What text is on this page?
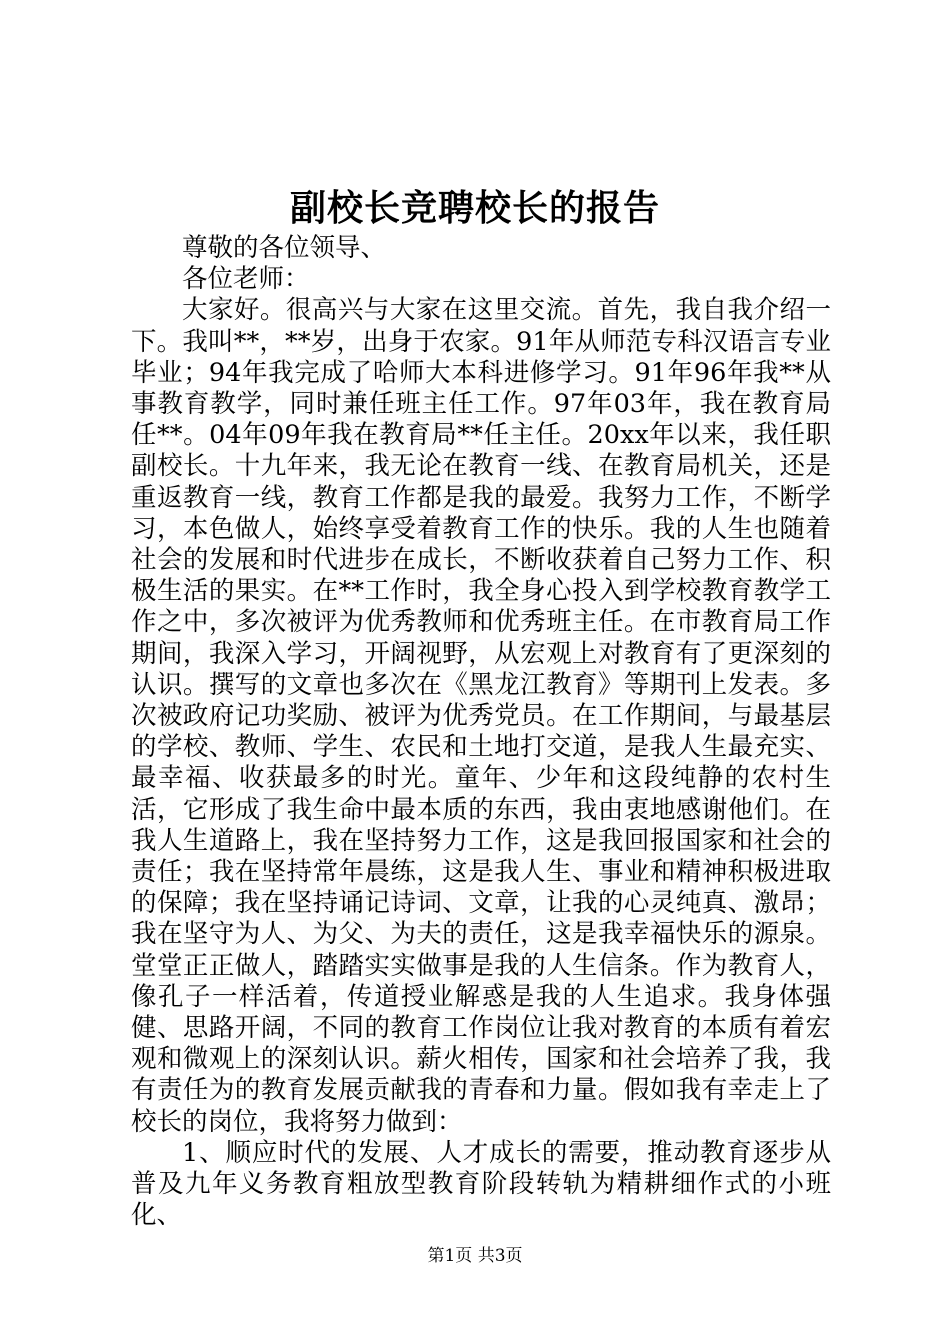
副校长竞聘校长的报告

尊敬的各位领导、

各位老师：

大家好。很高兴与大家在这里交流。首先，我自我介绍一下。我叫**，**岁，出身于农家。91年从师范专科汉语言专业毕业；94年我完成了哈师大本科进修学习。91年96年我**从事教育教学，同时兼任班主任工作。97年03年，我在教育局任**。04年09年我在教育局**任主任。20xx年以来，我任职副校长。十九年来，我无论在教育一线、在教育局机关，还是重返教育一线，教育工作都是我的最爱。我努力工作，不断学习，本色做人，始终享受着教育工作的快乐。我的人生也随着社会的发展和时代进步在成长，不断收获着自己努力工作、积极生活的果实。在**工作时，我全身心投入到学校教育教学工作之中，多次被评为优秀教师和优秀班主任。在市教育局工作期间，我深入学习，开阔视野，从宏观上对教育有了更深刻的认识。撰写的文章也多次在《黑龙江教育》等期刊上发表。多次被政府记功奖励、被评为优秀党员。在工作期间，与最基层的学校、教师、学生、农民和土地打交道，是我人生最充实、最幸福、收获最多的时光。童年、少年和这段纯静的农村生活，它形成了我生命中最本质的东西，我由衷地感谢他们。在我人生道路上，我在坚持努力工作，这是我回报国家和社会的责任；我在坚持常年晨练，这是我人生、事业和精神积极进取的保障；我在坚持诵记诗词、文章，让我的心灵纯真、激昂；我在坚守为人、为父、为夫的责任，这是我幸福快乐的源泉。堂堂正正做人，踏踏实实做事是我的人生信条。作为教育人，像孔子一样活着，传道授业解惑是我的人生追求。我身体强健、思路开阔，不同的教育工作岗位让我对教育的本质有着宏观和微观上的深刻认识。薪火相传，国家和社会培养了我，我有责任为的教育发展贡献我的青春和力量。假如我有幸走上了校长的岗位，我将努力做到：

1、顺应时代的发展、人才成长的需要，推动教育逐步从普及九年义务教育粗放型教育阶段转轨为精耕细作式的小班化、

第1页 共3页
